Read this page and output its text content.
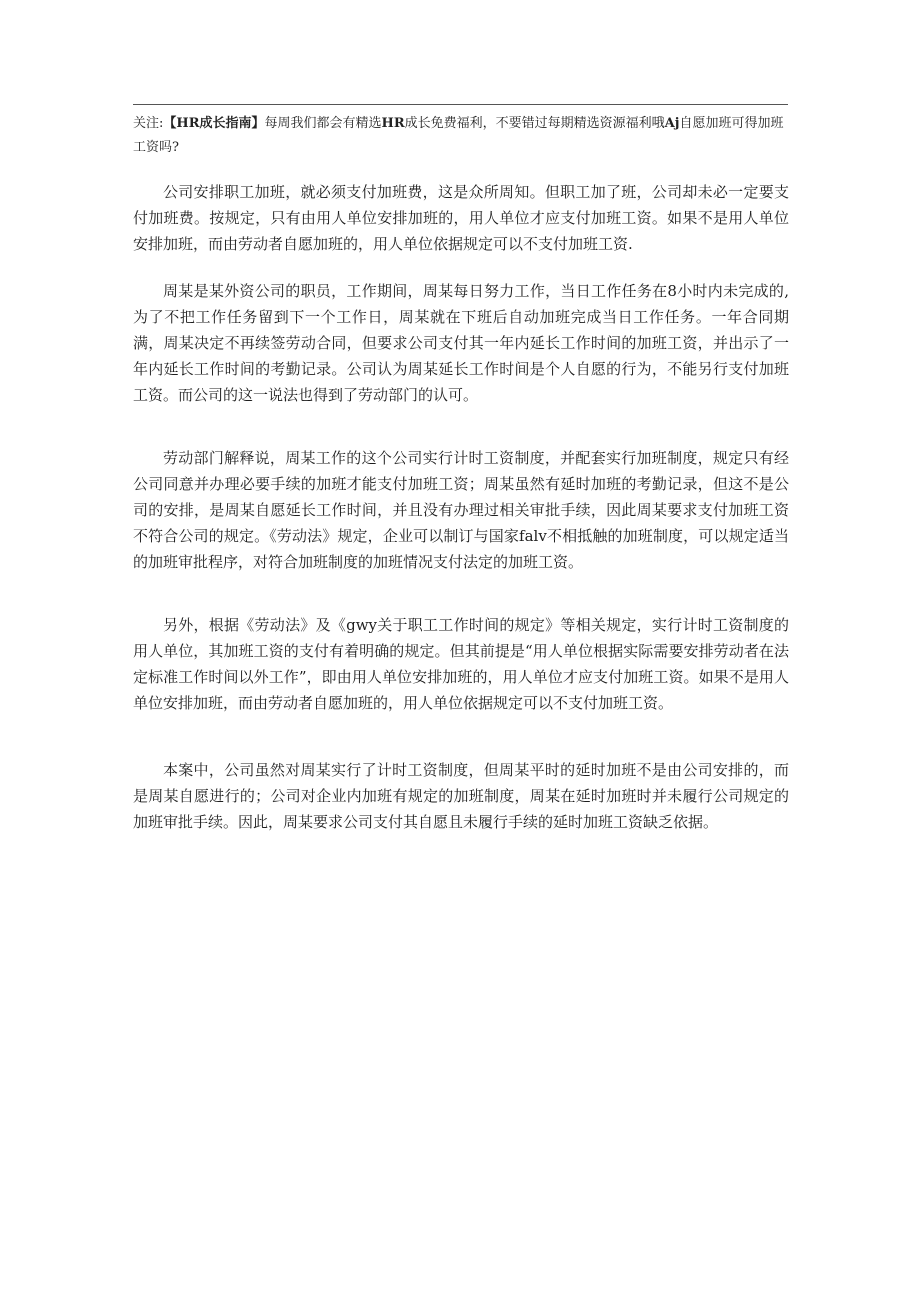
关注:【HR成长指南】每周我们都会有精选HR成长免费福利，不要错过每期精选资源福利哦Aj自愿加班可得加班工资吗?

公司安排职工加班，就必须支付加班费，这是众所周知。但职工加了班，公司却未必一定要支付加班费。按规定，只有由用人单位安排加班的，用人单位才应支付加班工资。如果不是用人单位安排加班，而由劳动者自愿加班的，用人单位依据规定可以不支付加班工资.

周某是某外资公司的职员，工作期间，周某每日努力工作，当日工作任务在8小时内未完成的, 为了不把工作任务留到下一个工作日，周某就在下班后自动加班完成当日工作任务。一年合同期满，周某决定不再续签劳动合同，但要求公司支付其一年内延长工作时间的加班工资，并出示了一年内延长工作时间的考勤记录。公司认为周某延长工作时间是个人自愿的行为，不能另行支付加班工资。而公司的这一说法也得到了劳动部门的认可。

劳动部门解释说，周某工作的这个公司实行计时工资制度，并配套实行加班制度，规定只有经公司同意并办理必要手续的加班才能支付加班工资；周某虽然有延时加班的考勤记录，但这不是公司的安排，是周某自愿延长工作时间，并且没有办理过相关审批手续，因此周某要求支付加班工资不符合公司的规定。《劳动法》规定，企业可以制订与国家falv不相抵触的加班制度，可以规定适当的加班审批程序，对符合加班制度的加班情况支付法定的加班工资。

另外，根据《劳动法》及《gwy关于职工工作时间的规定》等相关规定，实行计时工资制度的用人单位，其加班工资的支付有着明确的规定。但其前提是“用人单位根据实际需要安排劳动者在法定标准工作时间以外工作”，即由用人单位安排加班的，用人单位才应支付加班工资。如果不是用人单位安排加班，而由劳动者自愿加班的，用人单位依据规定可以不支付加班工资。

本案中，公司虽然对周某实行了计时工资制度，但周某平时的延时加班不是由公司安排的，而是周某自愿进行的；公司对企业内加班有规定的加班制度，周某在延时加班时并未履行公司规定的加班审批手续。因此，周某要求公司支付其自愿且未履行手续的延时加班工资缺乏依据。
